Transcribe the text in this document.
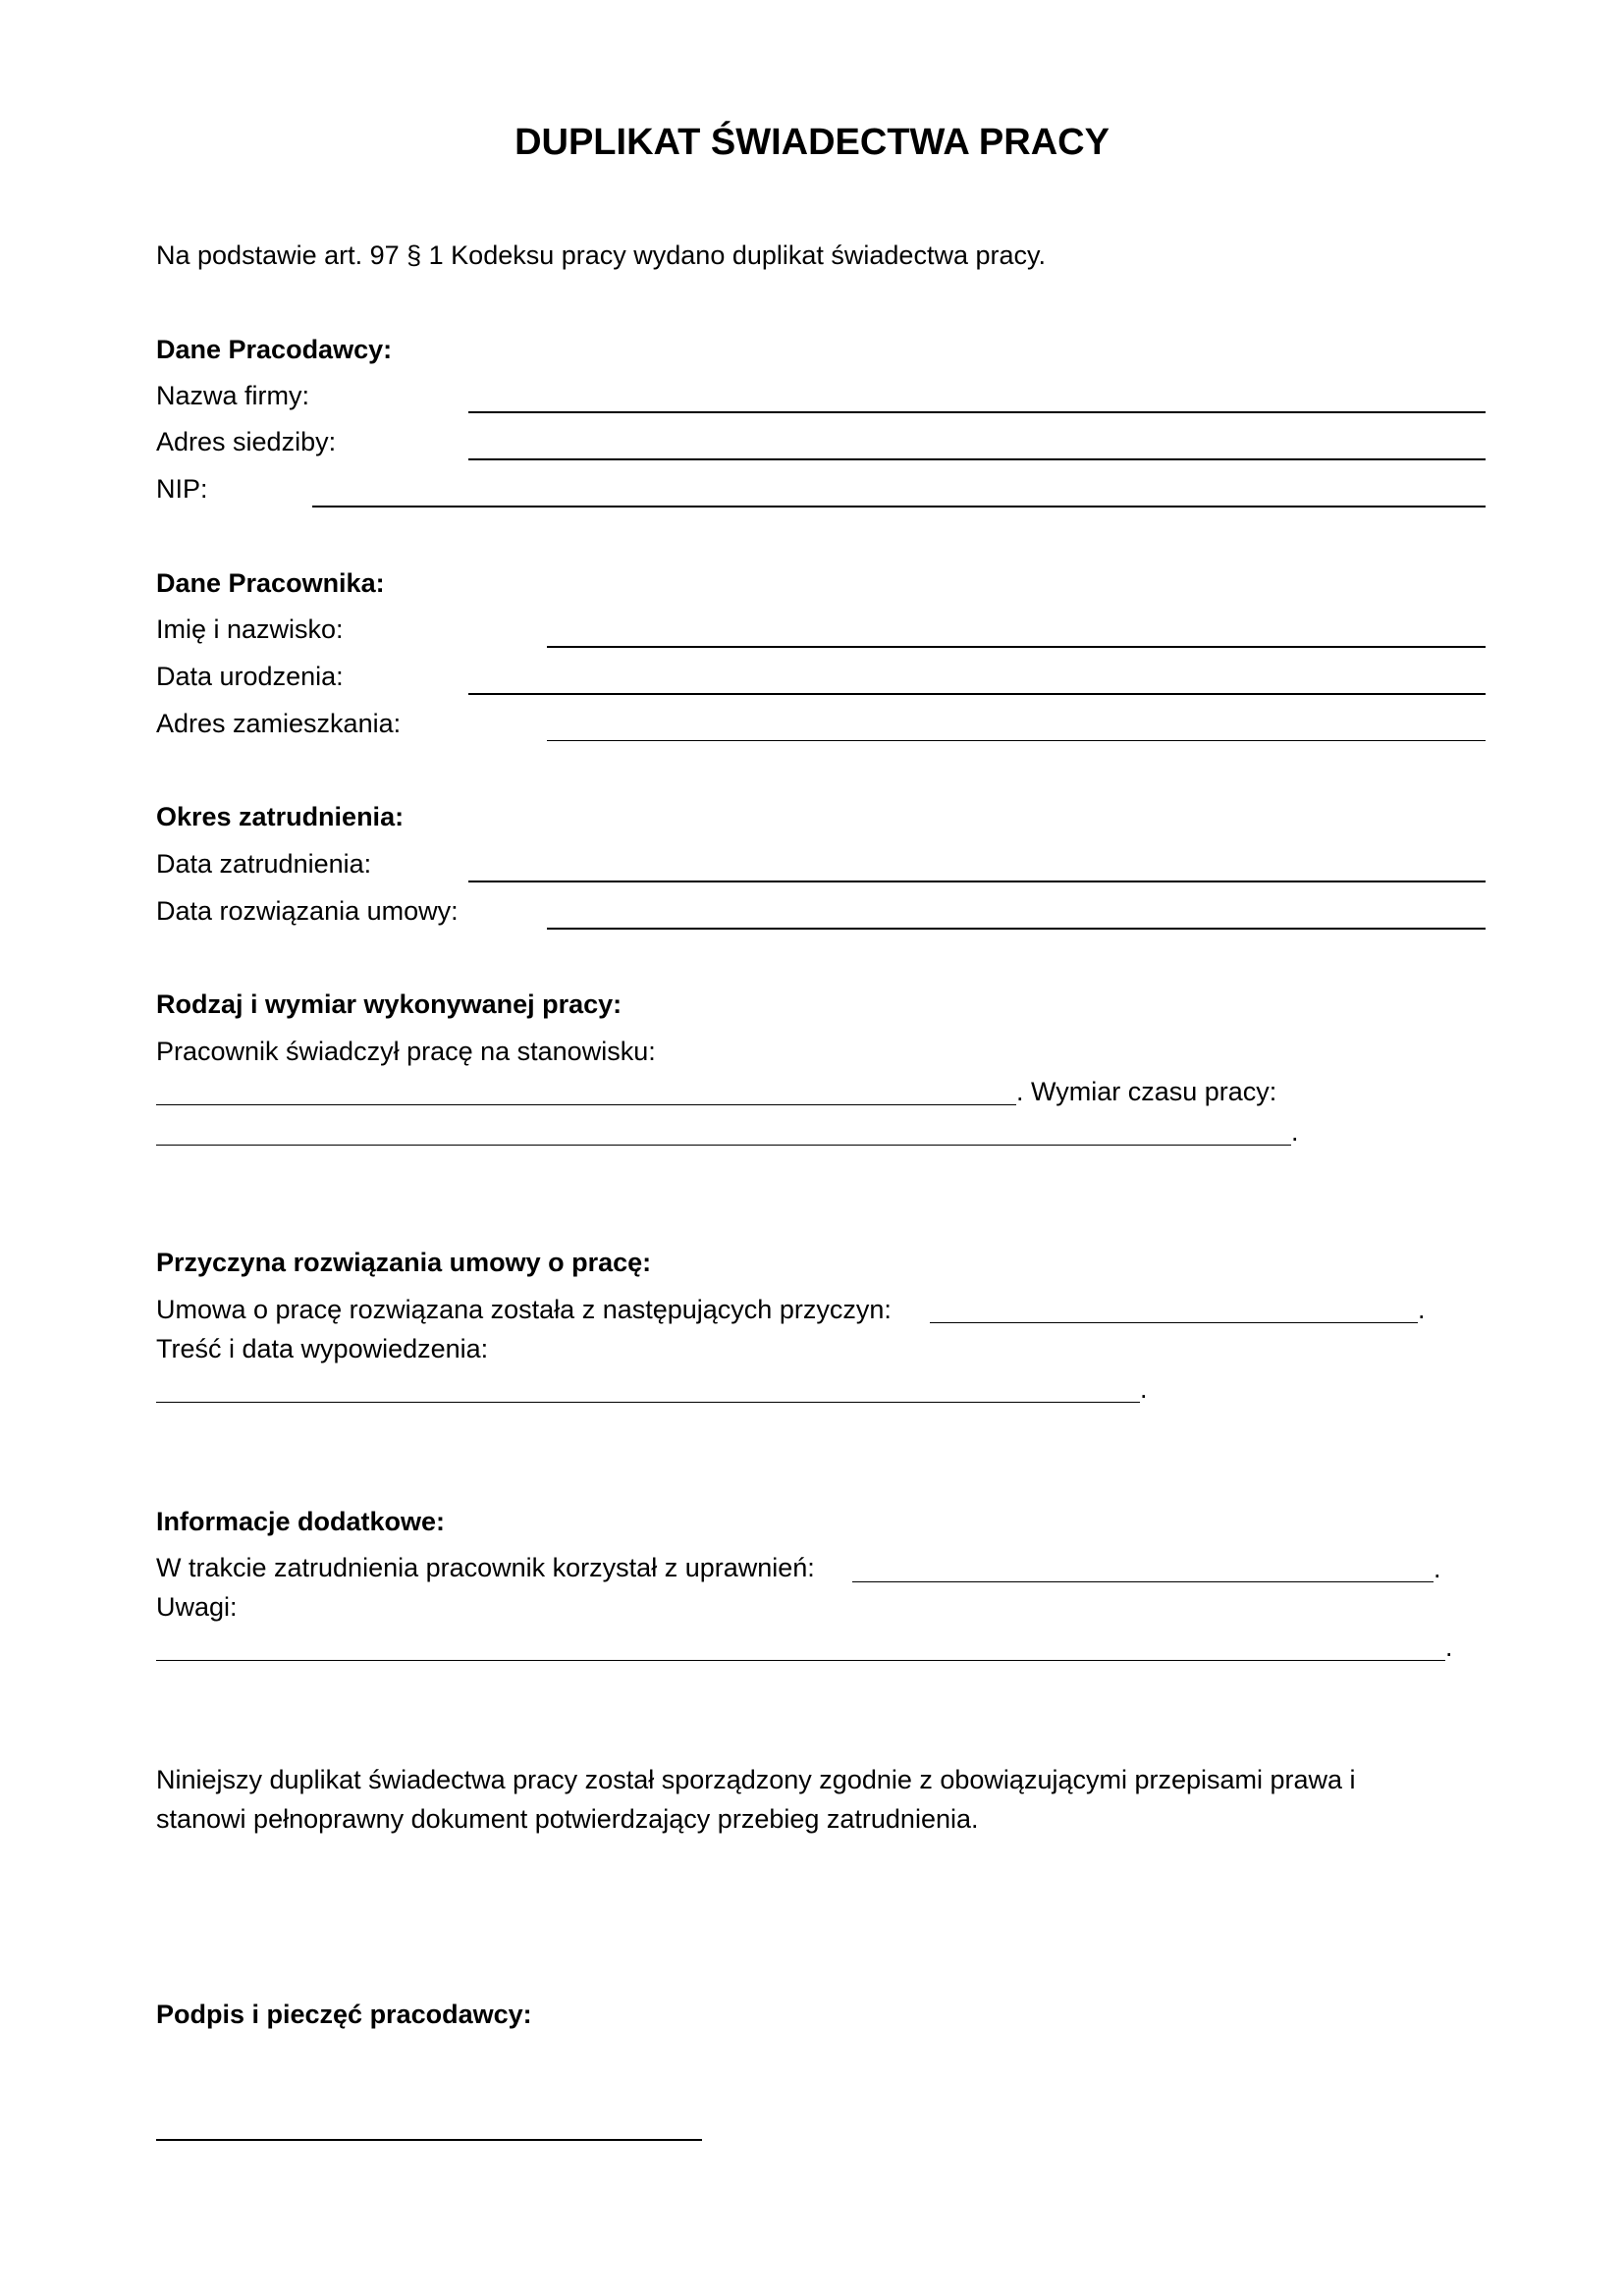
DUPLIKAT ŚWIADECTWA PRACY
Na podstawie art. 97 § 1 Kodeksu pracy wydano duplikat świadectwa pracy.
Dane Pracodawcy:
Nazwa firmy:
Adres siedziby:
NIP:
Dane Pracownika:
Imię i nazwisko:
Data urodzenia:
Adres zamieszkania:
Okres zatrudnienia:
Data zatrudnienia:
Data rozwiązania umowy:
Rodzaj i wymiar wykonywanej pracy:
Pracownik świadczył pracę na stanowisku:
. Wymiar czasu pracy:
.
Przyczyna rozwiązania umowy o pracę:
Umowa o pracę rozwiązana została z następujących przyczyn:	.
Treść i data wypowiedzenia:
.
Informacje dodatkowe:
W trakcie zatrudnienia pracownik korzystał z uprawnień:	.
Uwagi:
.
Niniejszy duplikat świadectwa pracy został sporządzony zgodnie z obowiązującymi przepisami prawa i
stanowi pełnoprawny dokument potwierdzający przebieg zatrudnienia.
Podpis i pieczęć pracodawcy:
